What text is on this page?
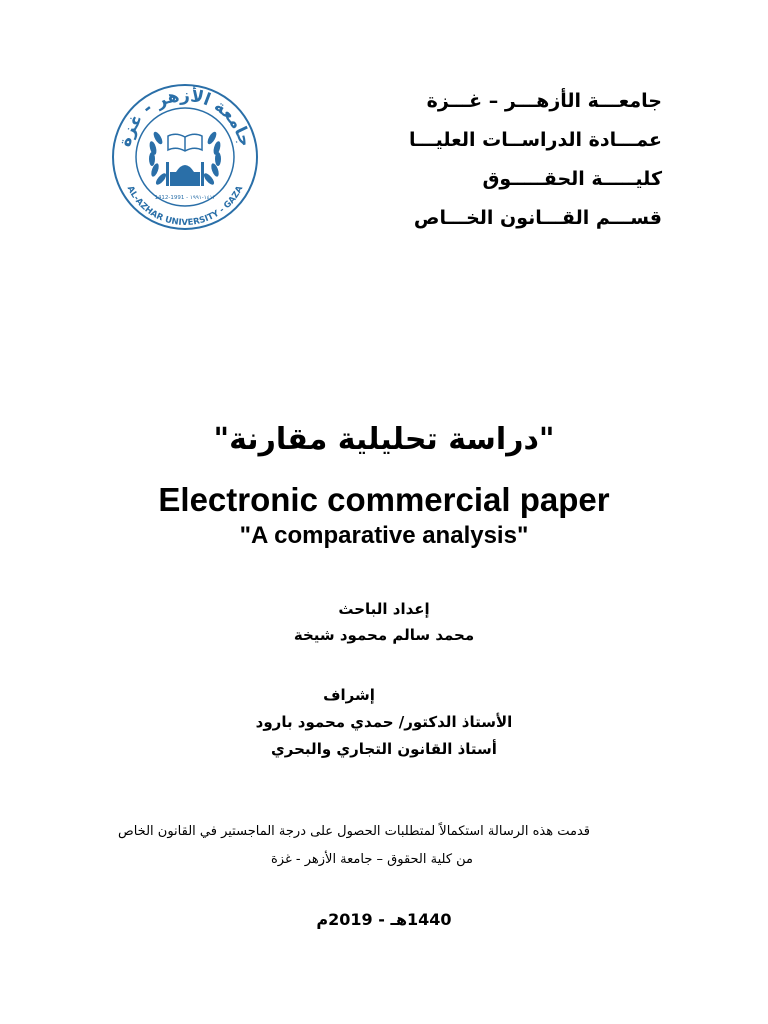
جامعة الأزهر - غزة
AL-AZHAR UNIVERSITY - GAZA
1412-1991 - ١٤١٢-١٩٩١
جامعـــة الأزهـــر – غـــزة
عمـــادة الدراســات العليـــا
كليـــــة الحقـــــوق
قســـم القـــانون الخـــاص
"دراسة تحليلية مقارنة"
Electronic commercial paper
"A comparative analysis"
إعداد الباحث
محمد سالم محمود شيخة
إشراف
الأستاذ الدكتور/ حمدي محمود بارود
أستاذ القانون التجاري والبحري
قدمت هذه الرسالة استكمالاً لمتطلبات الحصول على درجة الماجستير في القانون الخاص
من كلية الحقوق – جامعة الأزهر - غزة
1440هـ - 2019م
